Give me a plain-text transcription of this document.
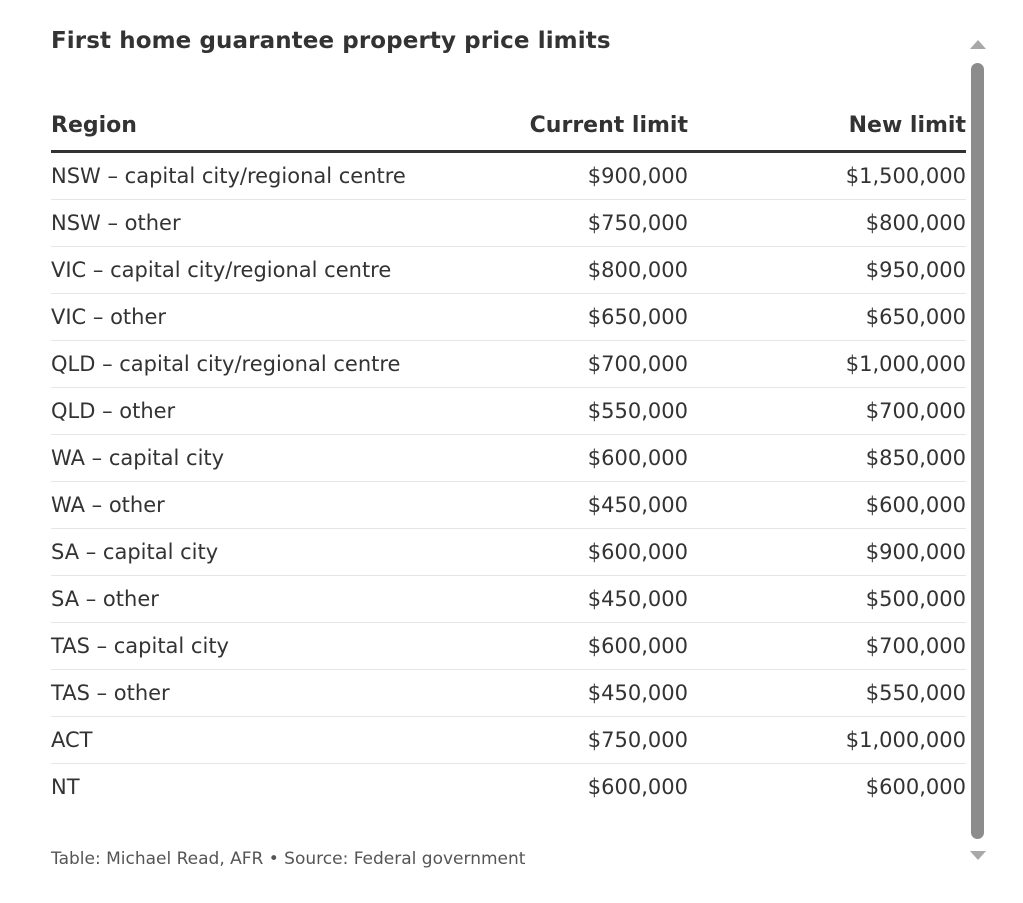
First home guarantee property price limits
Region	Current limit	New limit
NSW – capital city/regional centre	$900,000	$1,500,000
NSW – other	$750,000	$800,000
VIC – capital city/regional centre	$800,000	$950,000
VIC – other	$650,000	$650,000
QLD – capital city/regional centre	$700,000	$1,000,000
QLD – other	$550,000	$700,000
WA – capital city	$600,000	$850,000
WA – other	$450,000	$600,000
SA – capital city	$600,000	$900,000
SA – other	$450,000	$500,000
TAS – capital city	$600,000	$700,000
TAS – other	$450,000	$550,000
ACT	$750,000	$1,000,000
NT	$600,000	$600,000
Table: Michael Read, AFR • Source: Federal government
